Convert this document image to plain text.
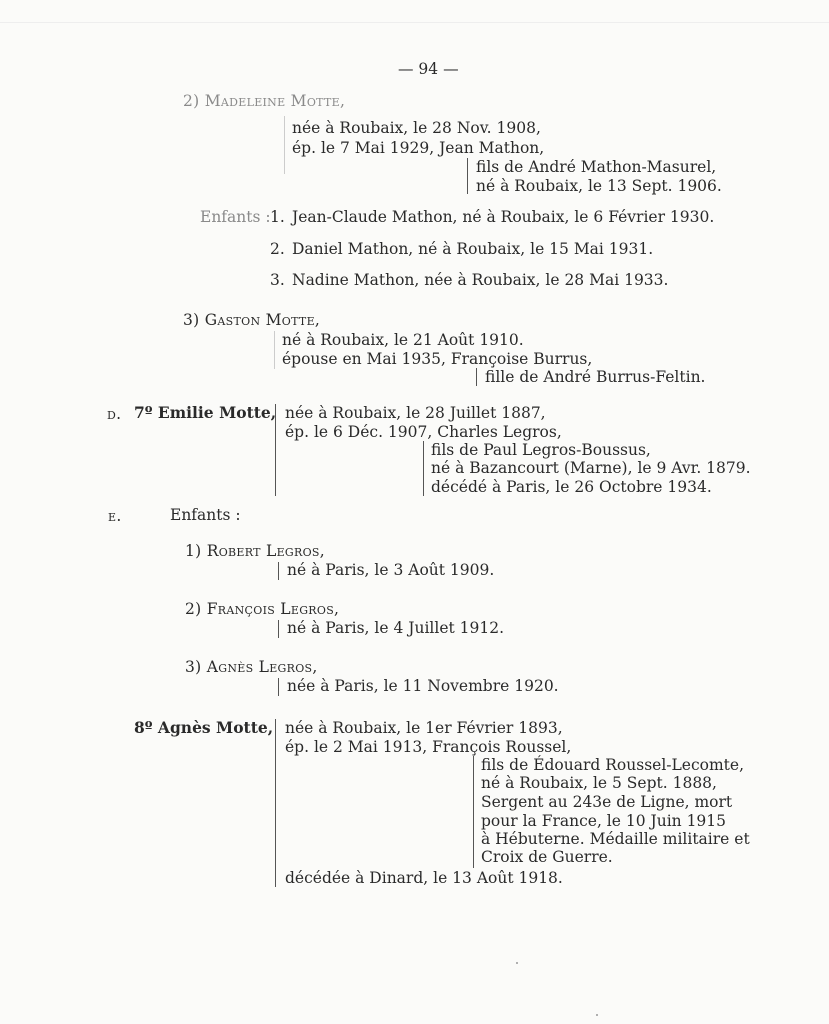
— 94 —
2) Madeleine Motte,
née à Roubaix, le 28 Nov. 1908,
ép. le 7 Mai 1929, Jean Mathon,
fils de André Mathon-Masurel,
né à Roubaix, le 13 Sept. 1906.
Enfants : 1. Jean-Claude Mathon, né à Roubaix, le 6 Février 1930.
2. Daniel Mathon, né à Roubaix, le 15 Mai 1931.
3. Nadine Mathon, née à Roubaix, le 28 Mai 1933.
3) Gaston Motte,
né à Roubaix, le 21 Août 1910.
épouse en Mai 1935, Françoise Burrus,
fille de André Burrus-Feltin.
d. 7º Emilie Motte, née à Roubaix, le 28 Juillet 1887,
ép. le 6 Déc. 1907, Charles Legros,
fils de Paul Legros-Boussus,
né à Bazancourt (Marne), le 9 Avr. 1879.
décédé à Paris, le 26 Octobre 1934.
e.	Enfants :
1) Robert Legros,
né à Paris, le 3 Août 1909.
2) François Legros,
né à Paris, le 4 Juillet 1912.
3) Agnès Legros,
née à Paris, le 11 Novembre 1920.
8º Agnès Motte, née à Roubaix, le 1er Février 1893,
ép. le 2 Mai 1913, François Roussel,
fils de Édouard Roussel-Lecomte,
né à Roubaix, le 5 Sept. 1888,
Sergent au 243e de Ligne, mort
pour la France, le 10 Juin 1915
à Hébuterne. Médaille militaire et
Croix de Guerre.
décédée à Dinard, le 13 Août 1918.
